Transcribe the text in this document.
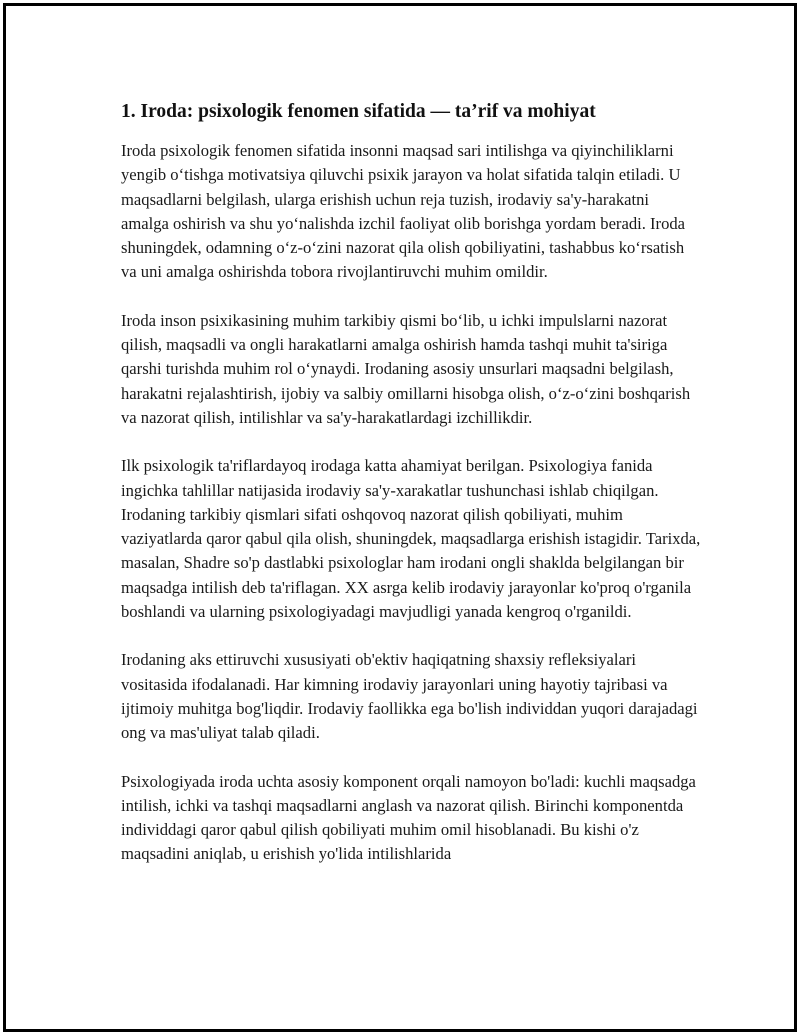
1. Iroda: psixologik fenomen sifatida — ta’rif va mohiyat

Iroda psixologik fenomen sifatida insonni maqsad sari intilishga va qiyinchiliklarni yengib o‘tishga motivatsiya qiluvchi psixik jarayon va holat sifatida talqin etiladi. U maqsadlarni belgilash, ularga erishish uchun reja tuzish, irodaviy sa'y-harakatni amalga oshirish va shu yo‘nalishda izchil faoliyat olib borishga yordam beradi. Iroda shuningdek, odamning o‘z-o‘zini nazorat qila olish qobiliyatini, tashabbus ko‘rsatish va uni amalga oshirishda tobora rivojlantiruvchi muhim omildir.

Iroda inson psixikasining muhim tarkibiy qismi bo‘lib, u ichki impulslarni nazorat qilish, maqsadli va ongli harakatlarni amalga oshirish hamda tashqi muhit ta'siriga qarshi turishda muhim rol o‘ynaydi. Irodaning asosiy unsurlari maqsadni belgilash, harakatni rejalashtirish, ijobiy va salbiy omillarni hisobga olish, o‘z-o‘zini boshqarish va nazorat qilish, intilishlar va sa'y-harakatlardagi izchillikdir.

Ilk psixologik ta'riflardayoq irodaga katta ahamiyat berilgan. Psixologiya fanida ingichka tahlillar natijasida irodaviy sa'y-xarakatlar tushunchasi ishlab chiqilgan. Irodaning tarkibiy qismlari sifati oshqovoq nazorat qilish qobiliyati, muhim vaziyatlarda qaror qabul qila olish, shuningdek, maqsadlarga erishish istagidir. Tarixda, masalan, Shadre so'p dastlabki psixologlar ham irodani ongli shaklda belgilangan bir maqsadga intilish deb ta'riflagan. XX asrga kelib irodaviy jarayonlar ko'proq o'rganila boshlandi va ularning psixologiyadagi mavjudligi yanada kengroq o'rganildi.

Irodaning aks ettiruvchi xususiyati ob'ektiv haqiqatning shaxsiy refleksiyalari vositasida ifodalanadi. Har kimning irodaviy jarayonlari uning hayotiy tajribasi va ijtimoiy muhitga bog'liqdir. Irodaviy faollikka ega bo'lish individdan yuqori darajadagi ong va mas'uliyat talab qiladi.

Psixologiyada iroda uchta asosiy komponent orqali namoyon bo'ladi: kuchli maqsadga intilish, ichki va tashqi maqsadlarni anglash va nazorat qilish. Birinchi komponentda individdagi qaror qabul qilish qobiliyati muhim omil hisoblanadi. Bu kishi o'z maqsadini aniqlab, u erishish yo'lida intilishlarida
